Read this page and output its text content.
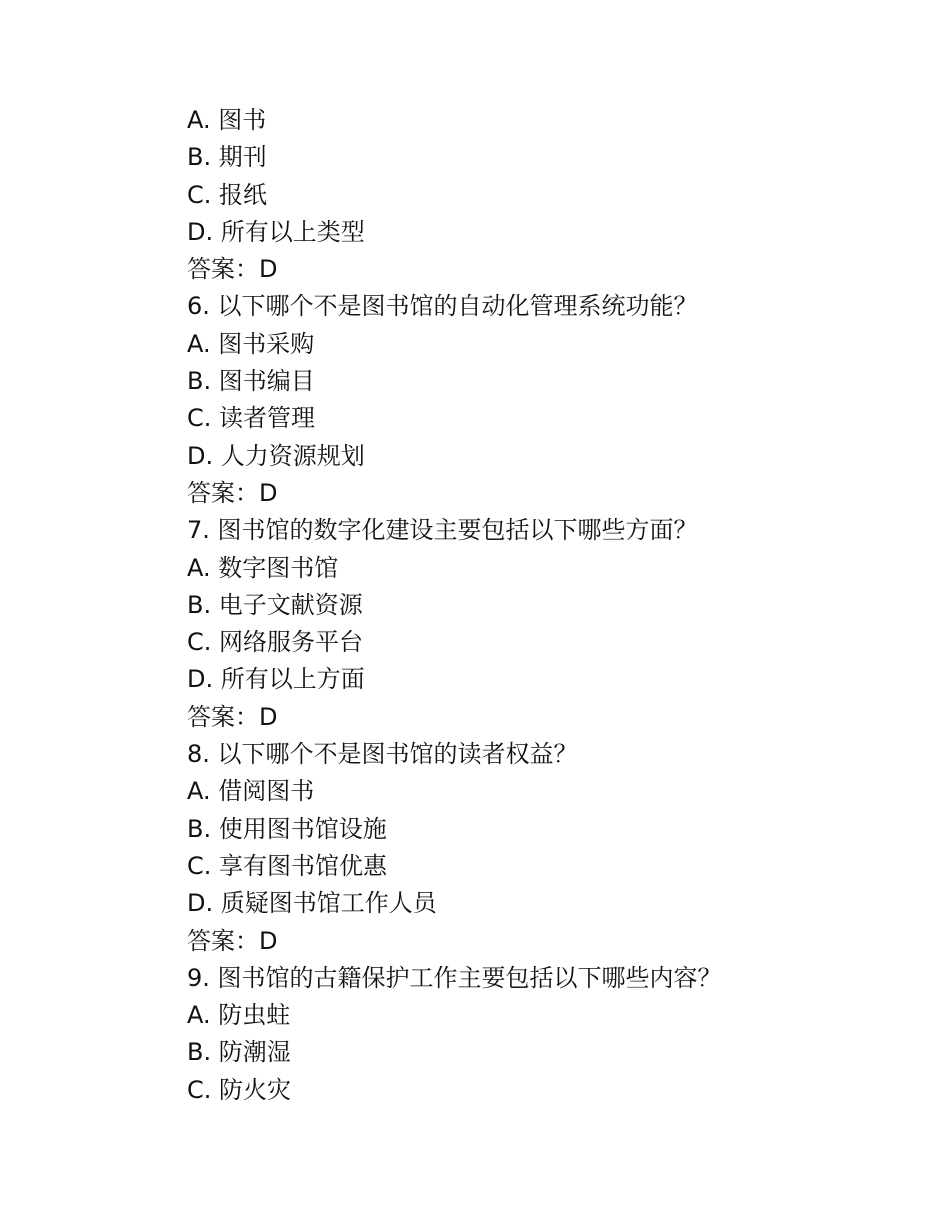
A. 图书
B. 期刊
C. 报纸
D. 所有以上类型
答案：D
6. 以下哪个不是图书馆的自动化管理系统功能？
A. 图书采购
B. 图书编目
C. 读者管理
D. 人力资源规划
答案：D
7. 图书馆的数字化建设主要包括以下哪些方面？
A. 数字图书馆
B. 电子文献资源
C. 网络服务平台
D. 所有以上方面
答案：D
8. 以下哪个不是图书馆的读者权益？
A. 借阅图书
B. 使用图书馆设施
C. 享有图书馆优惠
D. 质疑图书馆工作人员
答案：D
9. 图书馆的古籍保护工作主要包括以下哪些内容？
A. 防虫蛀
B. 防潮湿
C. 防火灾
